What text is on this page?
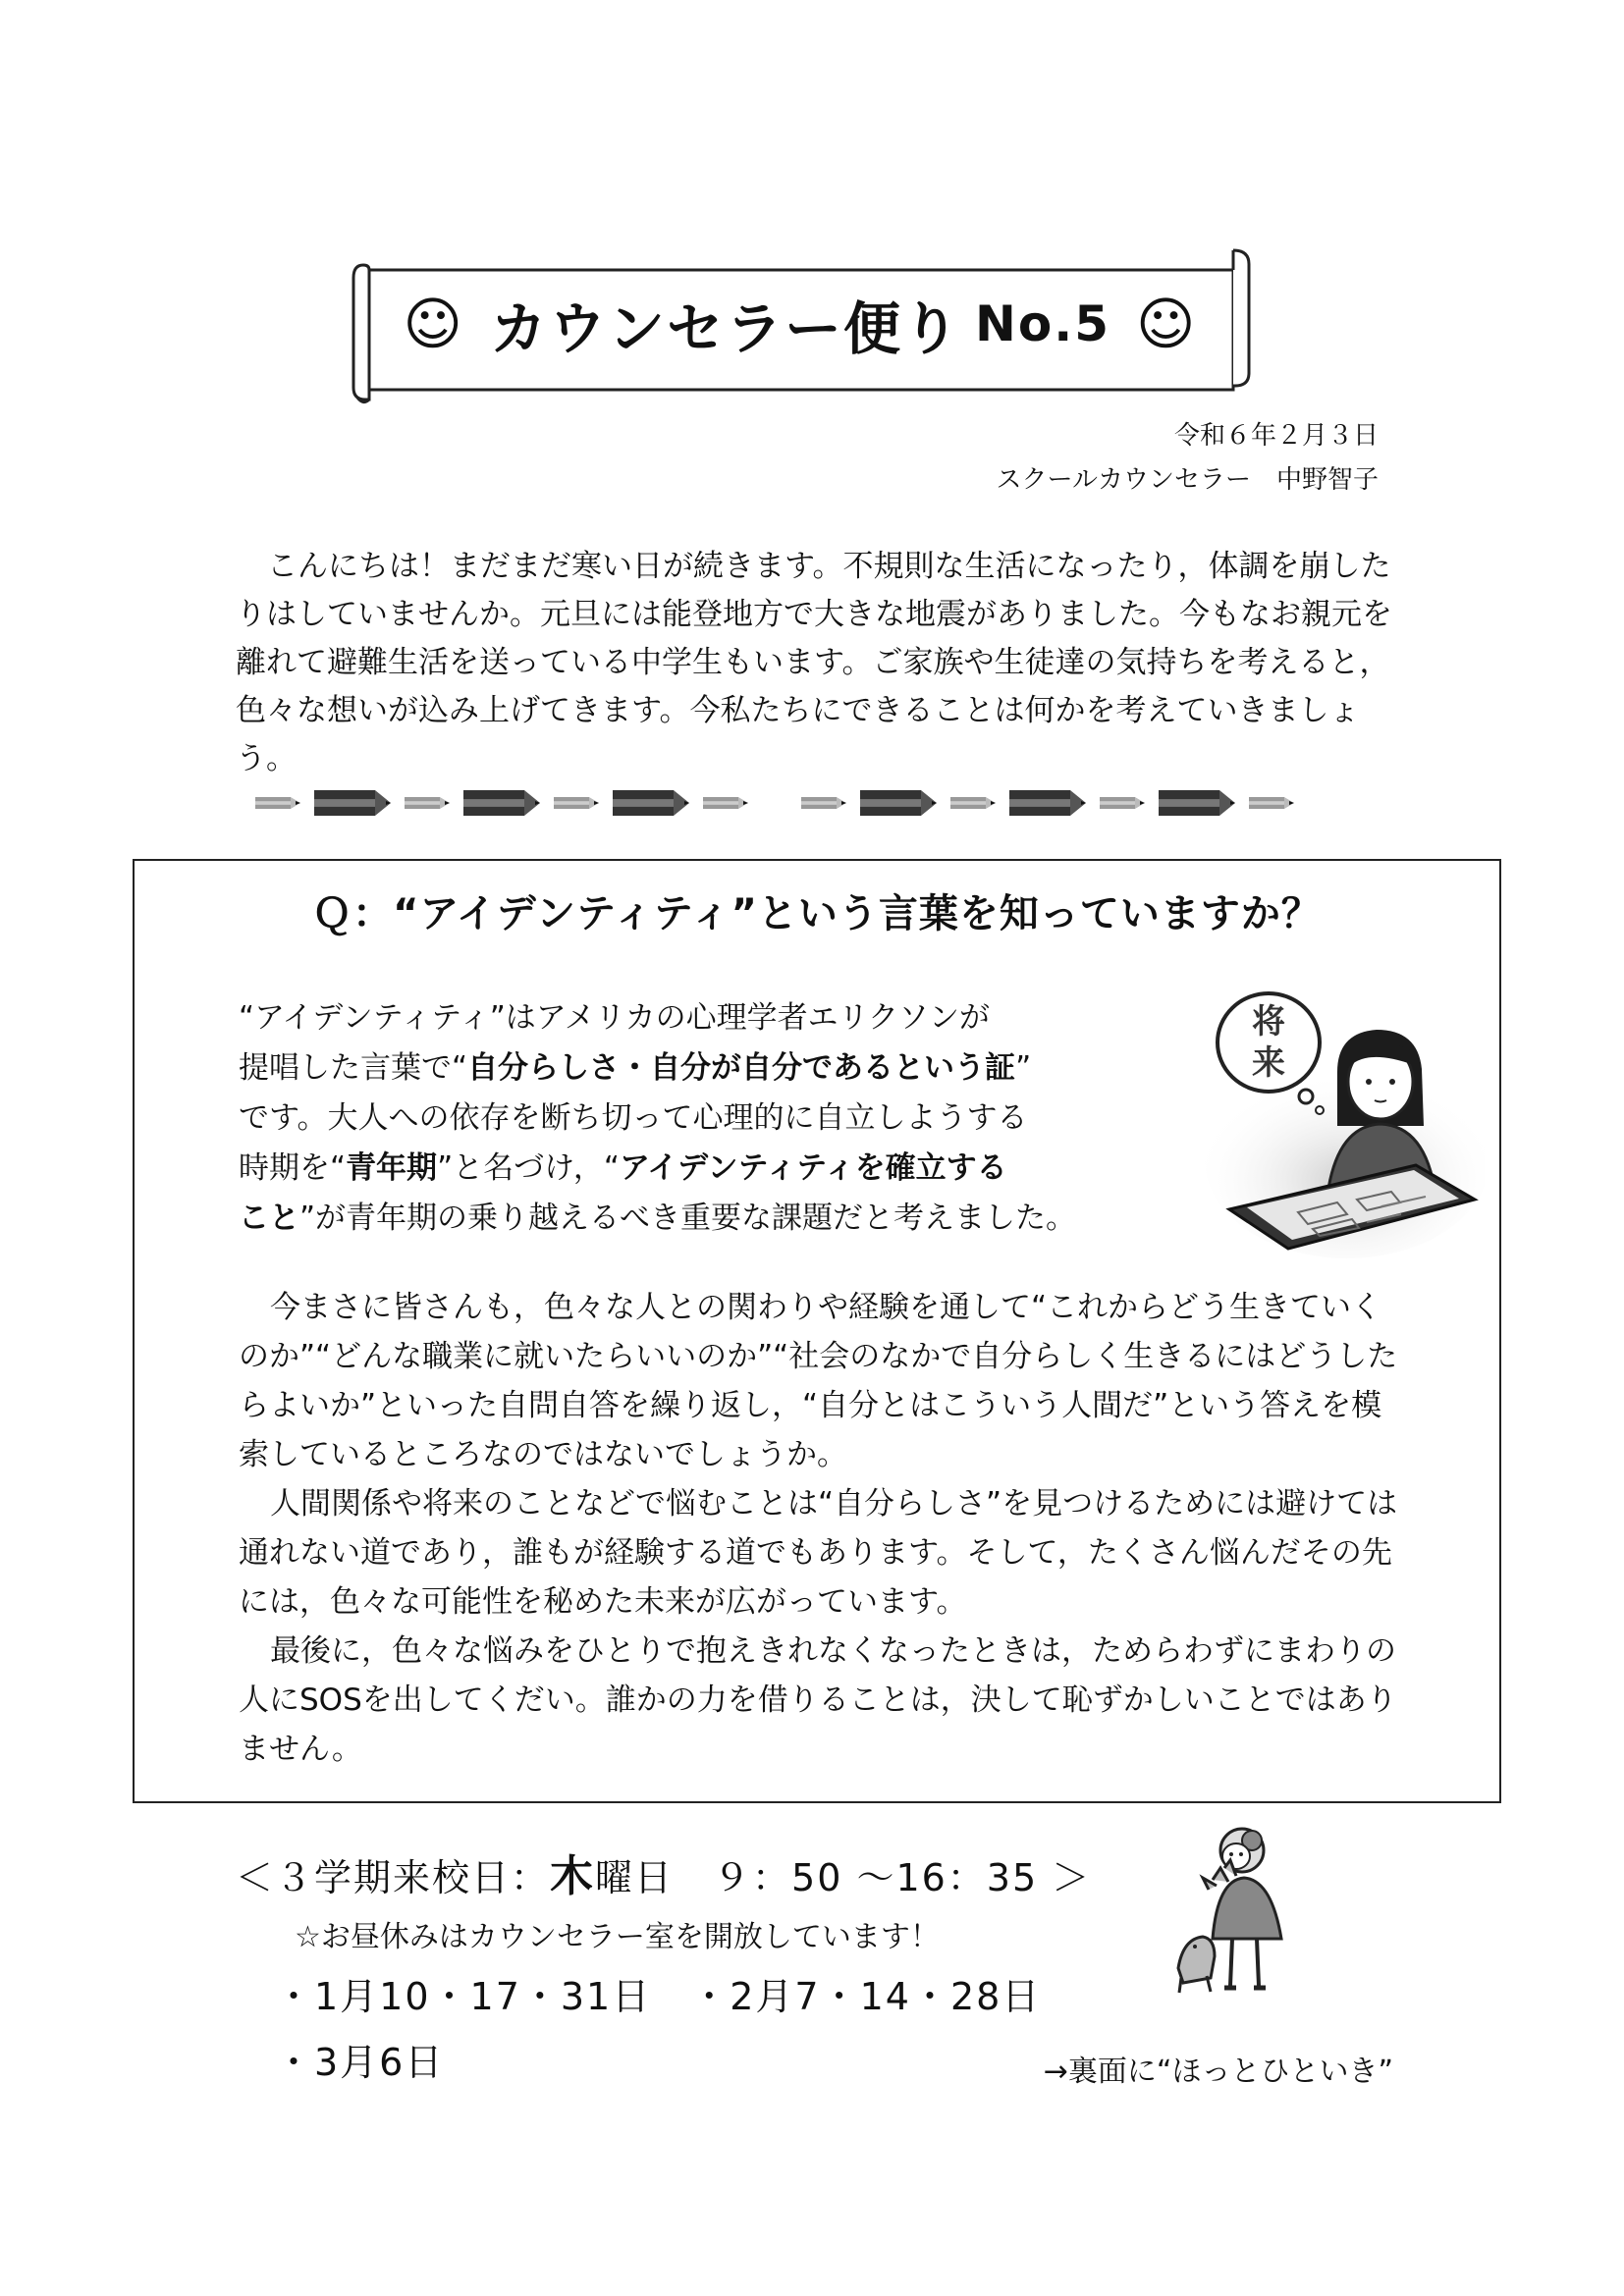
☺ カウンセラー便り No.5 ☺
令和６年２月３日
スクールカウンセラー　中野智子

こんにちは！まだまだ寒い日が続きます。不規則な生活になったり，体調を崩したりはしていませんか。元旦には能登地方で大きな地震がありました。今もなお親元を離れて避難生活を送っている中学生もいます。ご家族や生徒達の気持ちを考えると，色々な想いが込み上げてきます。今私たちにできることは何かを考えていきましょう。

Ｑ：“アイデンティティ”という言葉を知っていますか？
“アイデンティティ”はアメリカの心理学者エリクソンが
提唱した言葉で“自分らしさ・自分が自分であるという証”
です。大人への依存を断ち切って心理的に自立しようする
時期を“青年期”と名づけ，“アイデンティティを確立する
こと”が青年期の乗り越えるべき重要な課題だと考えました。
将
来

今まさに皆さんも，色々な人との関わりや経験を通して“これからどう生きていくのか”“どんな職業に就いたらいいのか”“社会のなかで自分らしく生きるにはどうしたらよいか”といった自問自答を繰り返し，“自分とはこういう人間だ”という答えを模索しているところなのではないでしょうか。

人間関係や将来のことなどで悩むことは“自分らしさ”を見つけるためには避けては通れない道であり，誰もが経験する道でもあります。そして，たくさん悩んだその先には，色々な可能性を秘めた未来が広がっています。

最後に，色々な悩みをひとりで抱えきれなくなったときは，ためらわずにまわりの人にSOSを出してくだい。誰かの力を借りることは，決して恥ずかしいことではありません。

＜３学期来校日：木曜日　９：50 ～16：35 ＞
☆お昼休みはカウンセラー室を開放しています！
・1月10・17・31日　・2月7・14・28日
・3月6日	→裏面に“ほっとひといき”
